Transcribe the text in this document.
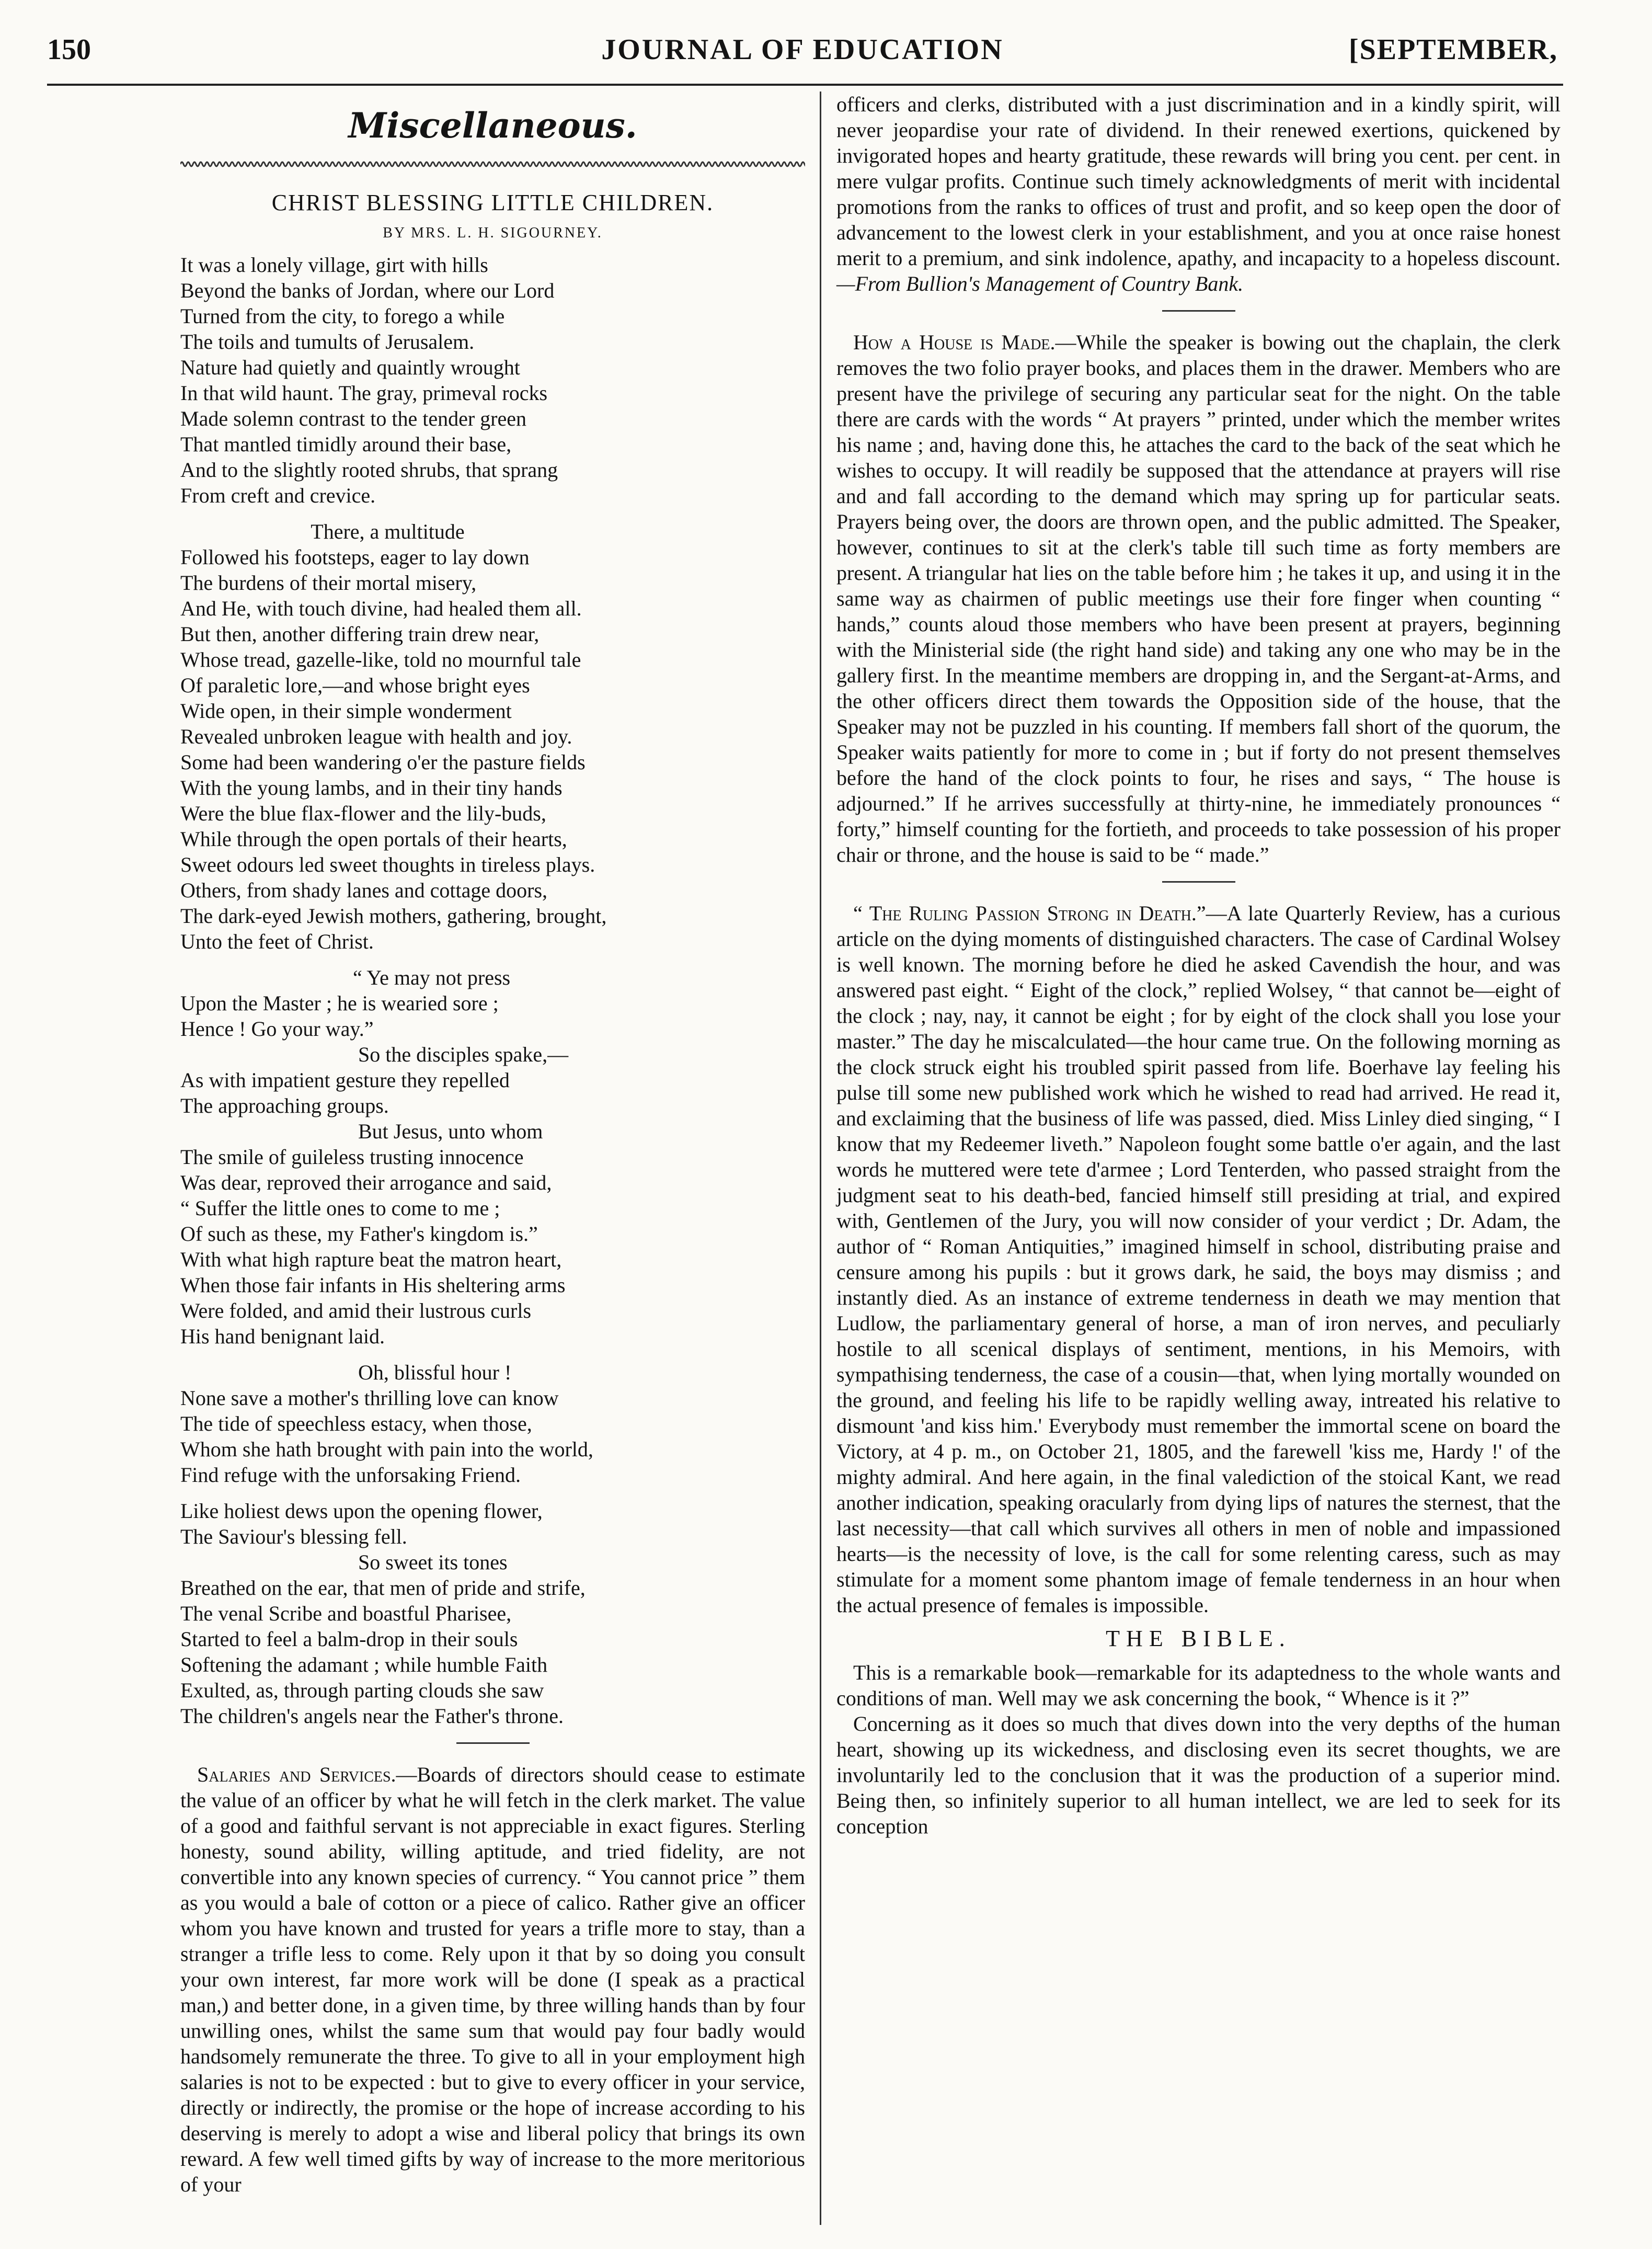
JOURNAL OF EDUCATION
150	[SEPTEMBER,
Miscellaneous.
CHRIST BLESSING LITTLE CHILDREN.
BY MRS. L. H. SIGOURNEY.
It was a lonely village, girt with hills
Beyond the banks of Jordan, where our Lord
Turned from the city, to forego a while
The toils and tumults of Jerusalem.
Nature had quietly and quaintly wrought
In that wild haunt. The gray, primeval rocks
Made solemn contrast to the tender green
That mantled timidly around their base,
And to the slightly rooted shrubs, that sprang
From creft and crevice.
There, a multitude
Followed his footsteps, eager to lay down
The burdens of their mortal misery,
And He, with touch divine, had healed them all.
But then, another differing train drew near,
Whose tread, gazelle-like, told no mournful tale
Of paraletic lore,—and whose bright eyes
Wide open, in their simple wonderment
Revealed unbroken league with health and joy.
Some had been wandering o'er the pasture fields
With the young lambs, and in their tiny hands
Were the blue flax-flower and the lily-buds,
While through the open portals of their hearts,
Sweet odours led sweet thoughts in tireless plays.
Others, from shady lanes and cottage doors,
The dark-eyed Jewish mothers, gathering, brought,
Unto the feet of Christ.
“ Ye may not press
Upon the Master ; he is wearied sore ;
Hence ! Go your way.”
So the disciples spake,—
As with impatient gesture they repelled
The approaching groups.
But Jesus, unto whom
The smile of guileless trusting innocence
Was dear, reproved their arrogance and said,
“ Suffer the little ones to come to me ;
Of such as these, my Father's kingdom is.”
With what high rapture beat the matron heart,
When those fair infants in His sheltering arms
Were folded, and amid their lustrous curls
His hand benignant laid.
Oh, blissful hour !
None save a mother's thrilling love can know
The tide of speechless estacy, when those,
Whom she hath brought with pain into the world,
Find refuge with the unforsaking Friend.
Like holiest dews upon the opening flower,
The Saviour's blessing fell.
So sweet its tones
Breathed on the ear, that men of pride and strife,
The venal Scribe and boastful Pharisee,
Started to feel a balm-drop in their souls
Softening the adamant ; while humble Faith
Exulted, as, through parting clouds she saw
The children's angels near the Father's throne.

Salaries and Services.—Boards of directors should cease to estimate the value of an officer by what he will fetch in the clerk market. The value of a good and faithful servant is not appreciable in exact figures. Sterling honesty, sound ability, willing aptitude, and tried fidelity, are not convertible into any known species of currency. “ You cannot price ” them as you would a bale of cotton or a piece of calico. Rather give an officer whom you have known and trusted for years a trifle more to stay, than a stranger a trifle less to come. Rely upon it that by so doing you consult your own interest, far more work will be done (I speak as a practical man,) and better done, in a given time, by three willing hands than by four unwilling ones, whilst the same sum that would pay four badly would handsomely remunerate the three. To give to all in your employment high salaries is not to be expected : but to give to every officer in your service, directly or indirectly, the promise or the hope of increase according to his deserving is merely to adopt a wise and liberal policy that brings its own reward. A few well timed gifts by way of increase to the more meritorious of your

officers and clerks, distributed with a just discrimination and in a kindly spirit, will never jeopardise your rate of dividend. In their renewed exertions, quickened by invigorated hopes and hearty gratitude, these rewards will bring you cent. per cent. in mere vulgar profits. Continue such timely acknowledgments of merit with incidental promotions from the ranks to offices of trust and profit, and so keep open the door of advancement to the lowest clerk in your establishment, and you at once raise honest merit to a premium, and sink indolence, apathy, and incapacity to a hopeless discount.—From Bullion's Management of Country Bank.

How a House is Made.—While the speaker is bowing out the chaplain, the clerk removes the two folio prayer books, and places them in the drawer. Members who are present have the privilege of securing any particular seat for the night. On the table there are cards with the words “ At prayers ” printed, under which the member writes his name ; and, having done this, he attaches the card to the back of the seat which he wishes to occupy. It will readily be supposed that the attendance at prayers will rise and and fall according to the demand which may spring up for particular seats. Prayers being over, the doors are thrown open, and the public admitted. The Speaker, however, continues to sit at the clerk's table till such time as forty members are present. A triangular hat lies on the table before him ; he takes it up, and using it in the same way as chairmen of public meetings use their fore finger when counting “ hands,” counts aloud those members who have been present at prayers, beginning with the Ministerial side (the right hand side) and taking any one who may be in the gallery first. In the meantime members are dropping in, and the Sergant-at-Arms, and the other officers direct them towards the Opposition side of the house, that the Speaker may not be puzzled in his counting. If members fall short of the quorum, the Speaker waits patiently for more to come in ; but if forty do not present themselves before the hand of the clock points to four, he rises and says, “ The house is adjourned.” If he arrives successfully at thirty-nine, he immediately pronounces “ forty,” himself counting for the fortieth, and proceeds to take possession of his proper chair or throne, and the house is said to be “ made.”

“ The Ruling Passion Strong in Death.”—A late Quarterly Review, has a curious article on the dying moments of distinguished characters. The case of Cardinal Wolsey is well known. The morning before he died he asked Cavendish the hour, and was answered past eight. “ Eight of the clock,” replied Wolsey, “ that cannot be—eight of the clock ; nay, nay, it cannot be eight ; for by eight of the clock shall you lose your master.” The day he miscalculated—the hour came true. On the following morning as the clock struck eight his troubled spirit passed from life. Boerhave lay feeling his pulse till some new published work which he wished to read had arrived. He read it, and exclaiming that the business of life was passed, died. Miss Linley died singing, “ I know that my Redeemer liveth.” Napoleon fought some battle o'er again, and the last words he muttered were tete d'armee ; Lord Tenterden, who passed straight from the judgment seat to his death-bed, fancied himself still presiding at trial, and expired with, Gentlemen of the Jury, you will now consider of your verdict ; Dr. Adam, the author of “ Roman Antiquities,” imagined himself in school, distributing praise and censure among his pupils : but it grows dark, he said, the boys may dismiss ; and instantly died. As an instance of extreme tenderness in death we may mention that Ludlow, the parliamentary general of horse, a man of iron nerves, and peculiarly hostile to all scenical displays of sentiment, mentions, in his Memoirs, with sympathising tenderness, the case of a cousin—that, when lying mortally wounded on the ground, and feeling his life to be rapidly welling away, intreated his relative to dismount 'and kiss him.' Everybody must remember the immortal scene on board the Victory, at 4 p. m., on October 21, 1805, and the farewell 'kiss me, Hardy !' of the mighty admiral. And here again, in the final valediction of the stoical Kant, we read another indication, speaking oracularly from dying lips of natures the sternest, that the last necessity—that call which survives all others in men of noble and impassioned hearts—is the necessity of love, is the call for some relenting caress, such as may stimulate for a moment some phantom image of female tenderness in an hour when the actual presence of females is impossible.

THE BIBLE.

This is a remarkable book—remarkable for its adaptedness to the whole wants and conditions of man. Well may we ask concerning the book, “ Whence is it ?”

Concerning as it does so much that dives down into the very depths of the human heart, showing up its wickedness, and disclosing even its secret thoughts, we are involuntarily led to the conclusion that it was the production of a superior mind. Being then, so infinitely superior to all human intellect, we are led to seek for its conception
